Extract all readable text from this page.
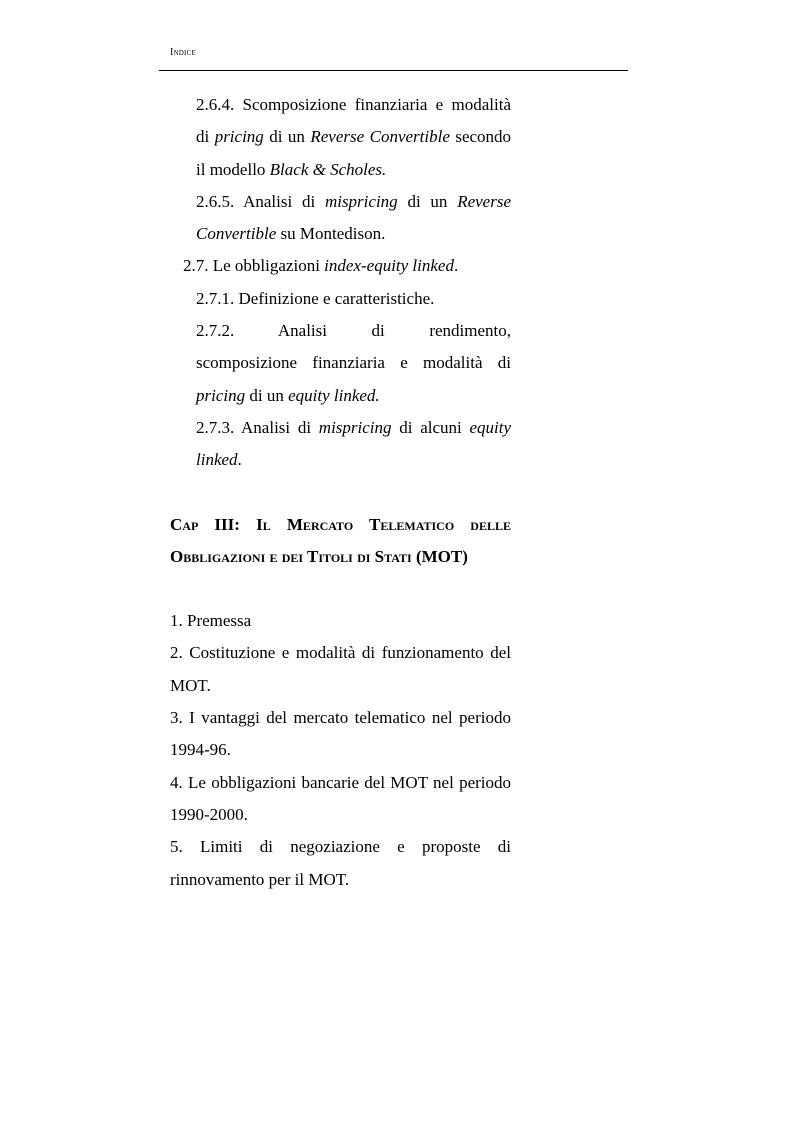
Indice

2.6.4. Scomposizione finanziaria e modalità di pricing di un Reverse Convertible secondo il modello Black & Scholes.

2.6.5. Analisi di mispricing di un Reverse Convertible su Montedison.

2.7. Le obbligazioni index-equity linked.

2.7.1. Definizione e caratteristiche.

2.7.2.	Analisi di rendimento,
scomposizione finanziaria e modalità di pricing di un equity linked.

2.7.3. Analisi di mispricing di alcuni equity linked.

Cap III: Il Mercato Telematico delle Obbligazioni e dei Titoli di Stati (MOT)

1. Premessa

2. Costituzione e modalità di funzionamento del MOT.

3. I vantaggi del mercato telematico nel periodo 1994-96.

4. Le obbligazioni bancarie del MOT nel periodo 1990-2000.

5. Limiti di negoziazione e proposte di rinnovamento per il MOT.
